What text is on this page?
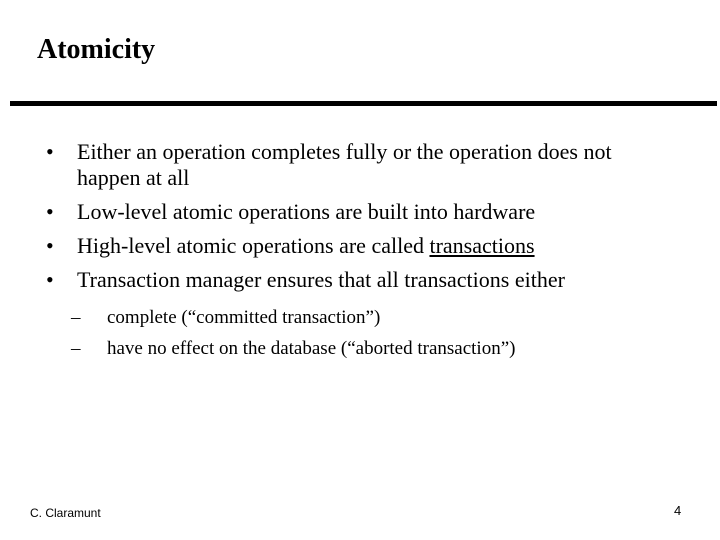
Atomicity
•	Either an operation completes fully or the operation does not
happen at all
•	Low-level atomic operations are built into hardware
•	High-level atomic operations are called transactions
•	Transaction manager ensures that all transactions either
– complete (“committed transaction”)
– have no effect on the database (“aborted transaction”)
C. Claramunt	4
